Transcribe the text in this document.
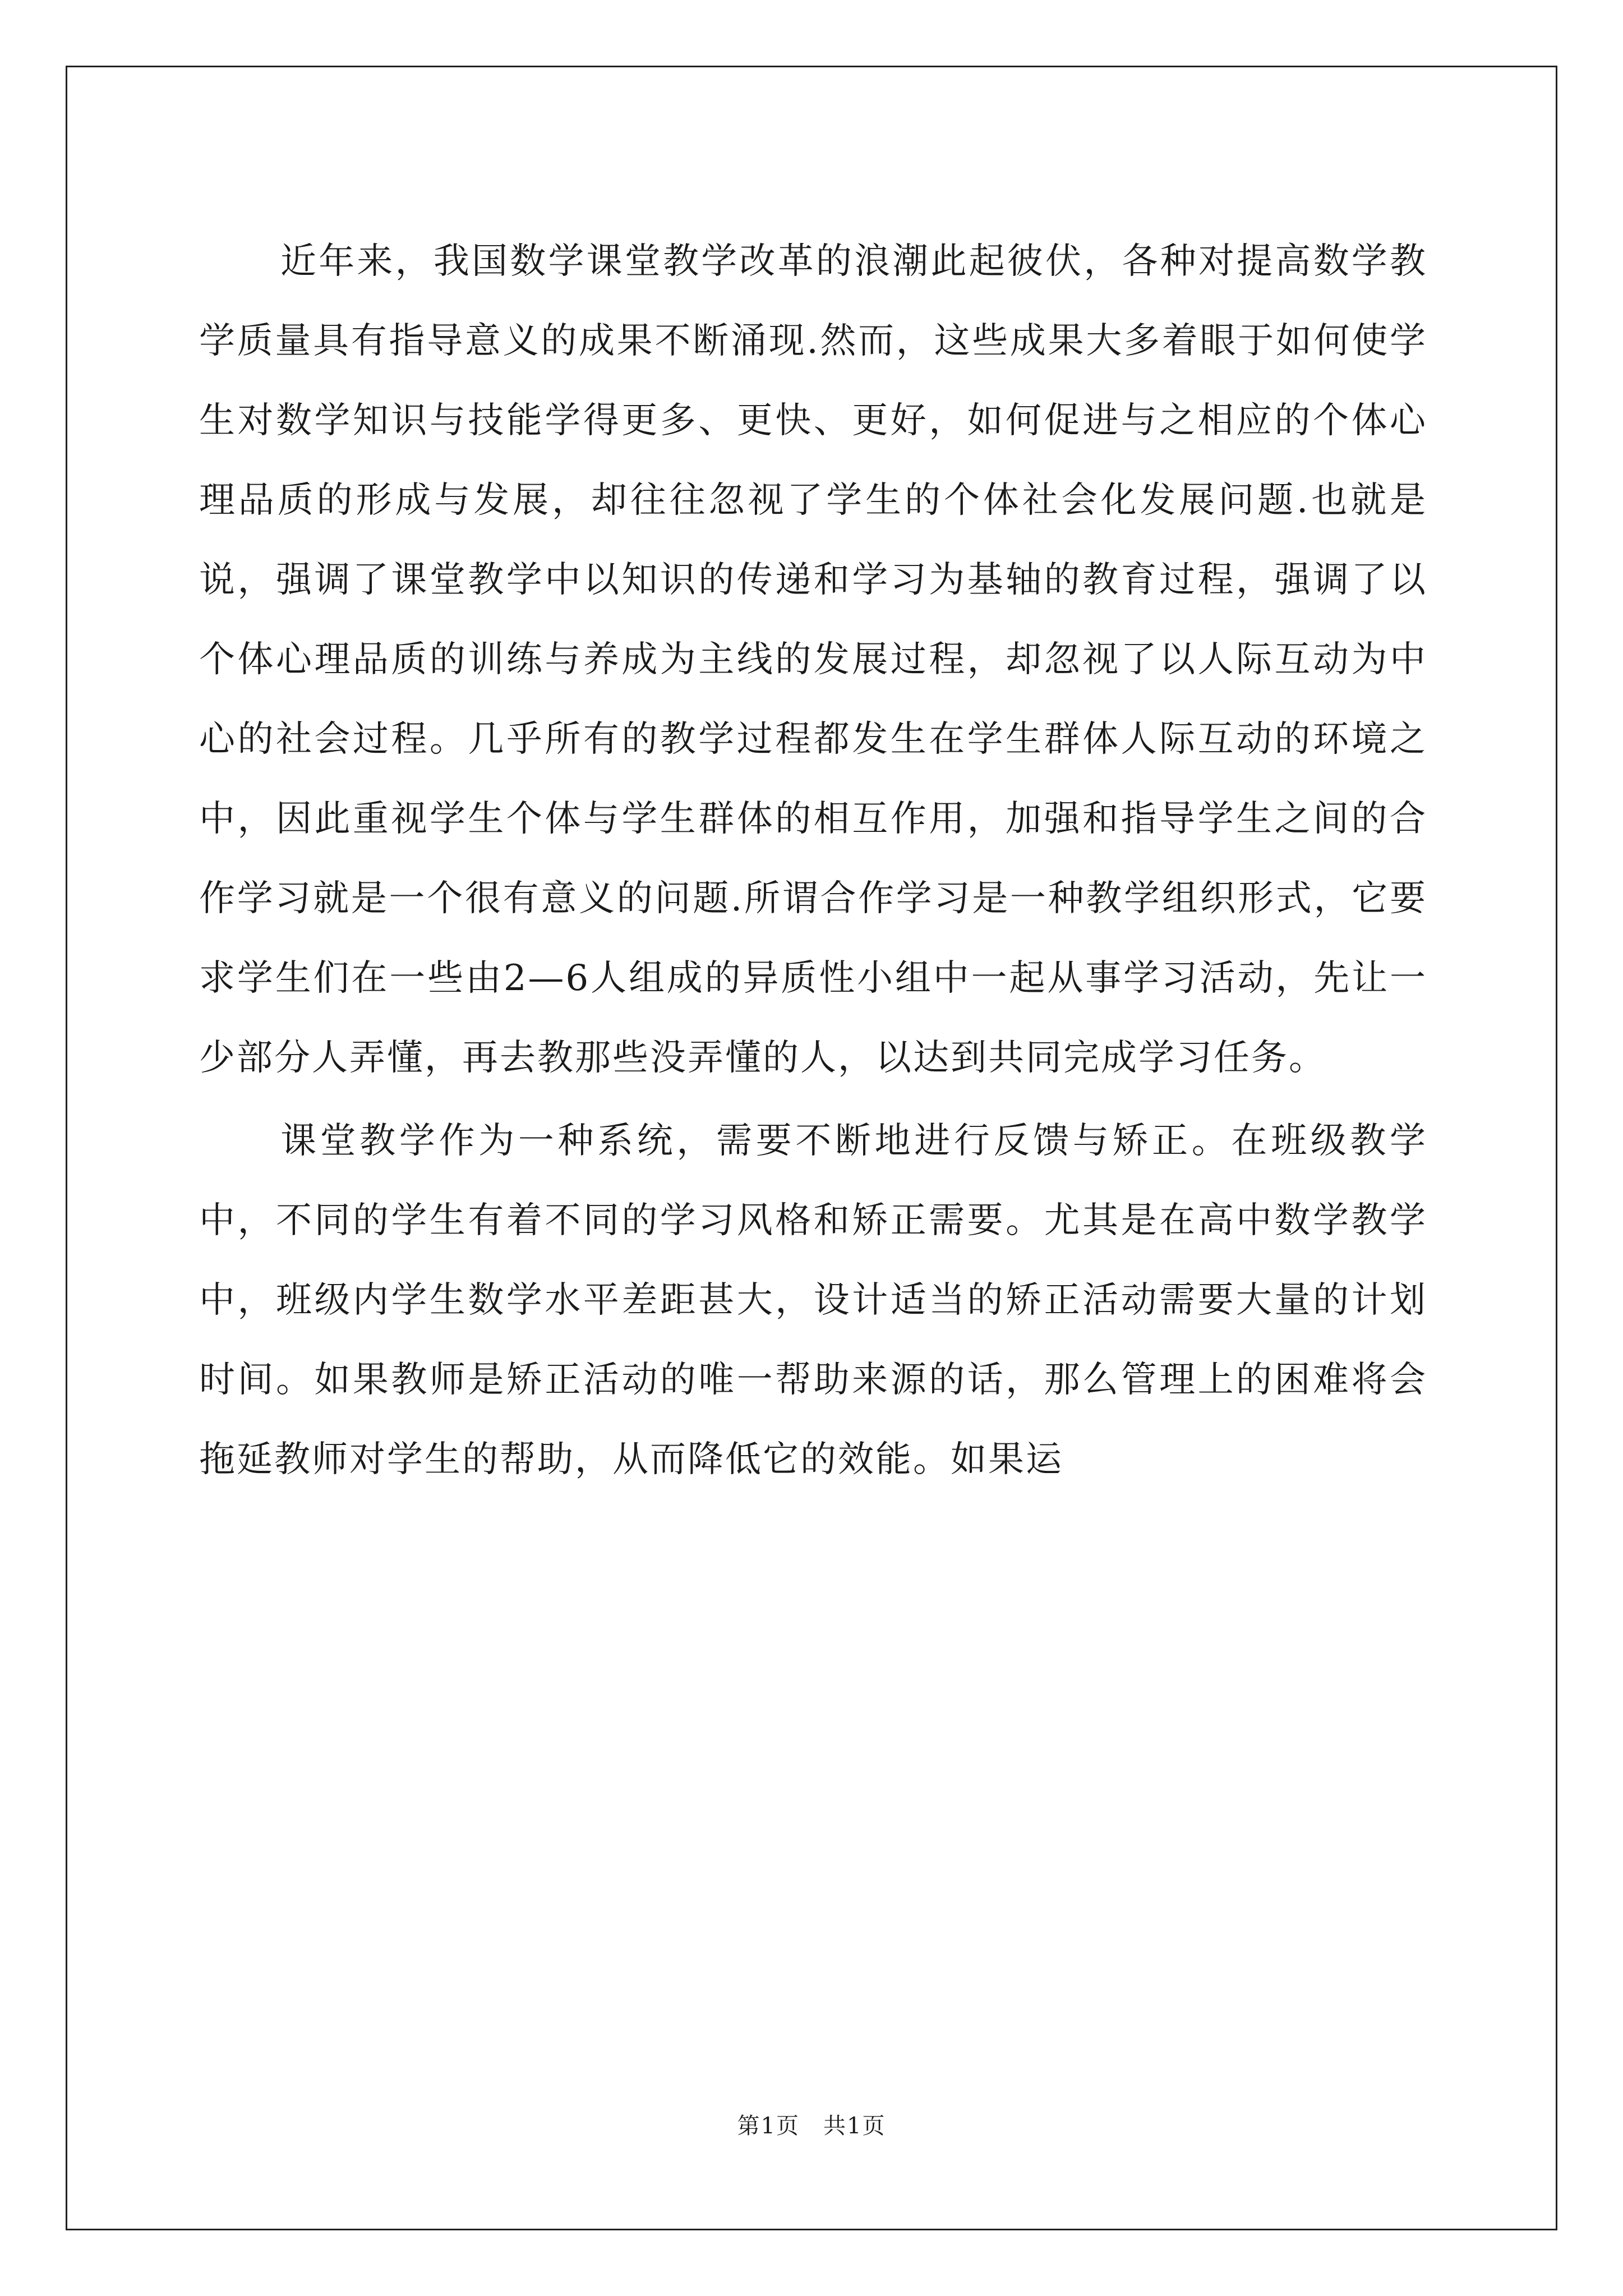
近年来，我国数学课堂教学改革的浪潮此起彼伏，各种对提高数学教学质量具有指导意义的成果不断涌现.然而，这些成果大多着眼于如何使学生对数学知识与技能学得更多、更快、更好，如何促进与之相应的个体心理品质的形成与发展，却往往忽视了学生的个体社会化发展问题.也就是说，强调了课堂教学中以知识的传递和学习为基轴的教育过程，强调了以个体心理品质的训练与养成为主线的发展过程，却忽视了以人际互动为中心的社会过程。几乎所有的教学过程都发生在学生群体人际互动的环境之中，因此重视学生个体与学生群体的相互作用，加强和指导学生之间的合作学习就是一个很有意义的问题.所谓合作学习是一种教学组织形式，它要求学生们在一些由2—6人组成的异质性小组中一起从事学习活动，先让一少部分人弄懂，再去教那些没弄懂的人，以达到共同完成学习任务。

课堂教学作为一种系统，需要不断地进行反馈与矫正。在班级教学中，不同的学生有着不同的学习风格和矫正需要。尤其是在高中数学教学中，班级内学生数学水平差距甚大，设计适当的矫正活动需要大量的计划时间。如果教师是矫正活动的唯一帮助来源的话，那么管理上的困难将会拖延教师对学生的帮助，从而降低它的效能。如果运

第1页　共1页
